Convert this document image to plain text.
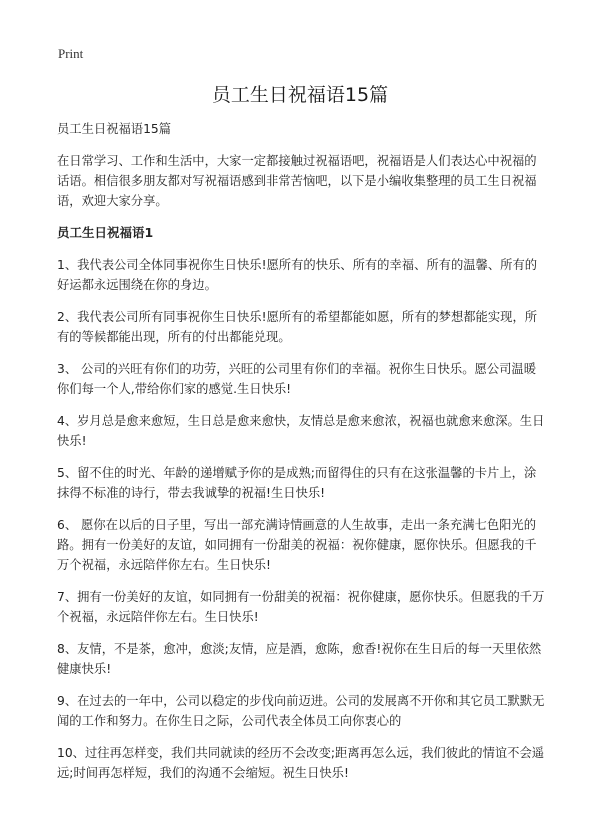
Print
员工生日祝福语15篇

员工生日祝福语15篇

在日常学习、工作和生活中，大家一定都接触过祝福语吧，祝福语是人们表达心中祝福的话语。相信很多朋友都对写祝福语感到非常苦恼吧，以下是小编收集整理的员工生日祝福语，欢迎大家分享。

员工生日祝福语1

1、我代表公司全体同事祝你生日快乐!愿所有的快乐、所有的幸福、所有的温馨、所有的好运都永远围绕在你的身边。

2、我代表公司所有同事祝你生日快乐!愿所有的希望都能如愿，所有的梦想都能实现，所有的等候都能出现，所有的付出都能兑现。

3、 公司的兴旺有你们的功劳，兴旺的公司里有你们的幸福。祝你生日快乐。愿公司温暖你们每一个人,带给你们家的感觉.生日快乐!

4、岁月总是愈来愈短，生日总是愈来愈快，友情总是愈来愈浓，祝福也就愈来愈深。生日快乐!

5、留不住的时光、年龄的递增赋予你的是成熟;而留得住的只有在这张温馨的卡片上，涂抹得不标准的诗行，带去我诚挚的祝福!生日快乐!

6、 愿你在以后的日子里，写出一部充满诗情画意的人生故事，走出一条充满七色阳光的路。拥有一份美好的友谊，如同拥有一份甜美的祝福：祝你健康，愿你快乐。但愿我的千万个祝福，永远陪伴你左右。生日快乐!

7、拥有一份美好的友谊，如同拥有一份甜美的祝福：祝你健康，愿你快乐。但愿我的千万个祝福，永远陪伴你左右。生日快乐!

8、友情，不是茶，愈冲，愈淡;友情，应是酒，愈陈，愈香!祝你在生日后的每一天里依然健康快乐!

9、在过去的一年中，公司以稳定的步伐向前迈进。公司的发展离不开你和其它员工默默无闻的工作和努力。在你生日之际，公司代表全体员工向你衷心的

10、过往再怎样变，我们共同就读的经历不会改变;距离再怎么远，我们彼此的情谊不会遥远;时间再怎样短，我们的沟通不会缩短。祝生日快乐!
